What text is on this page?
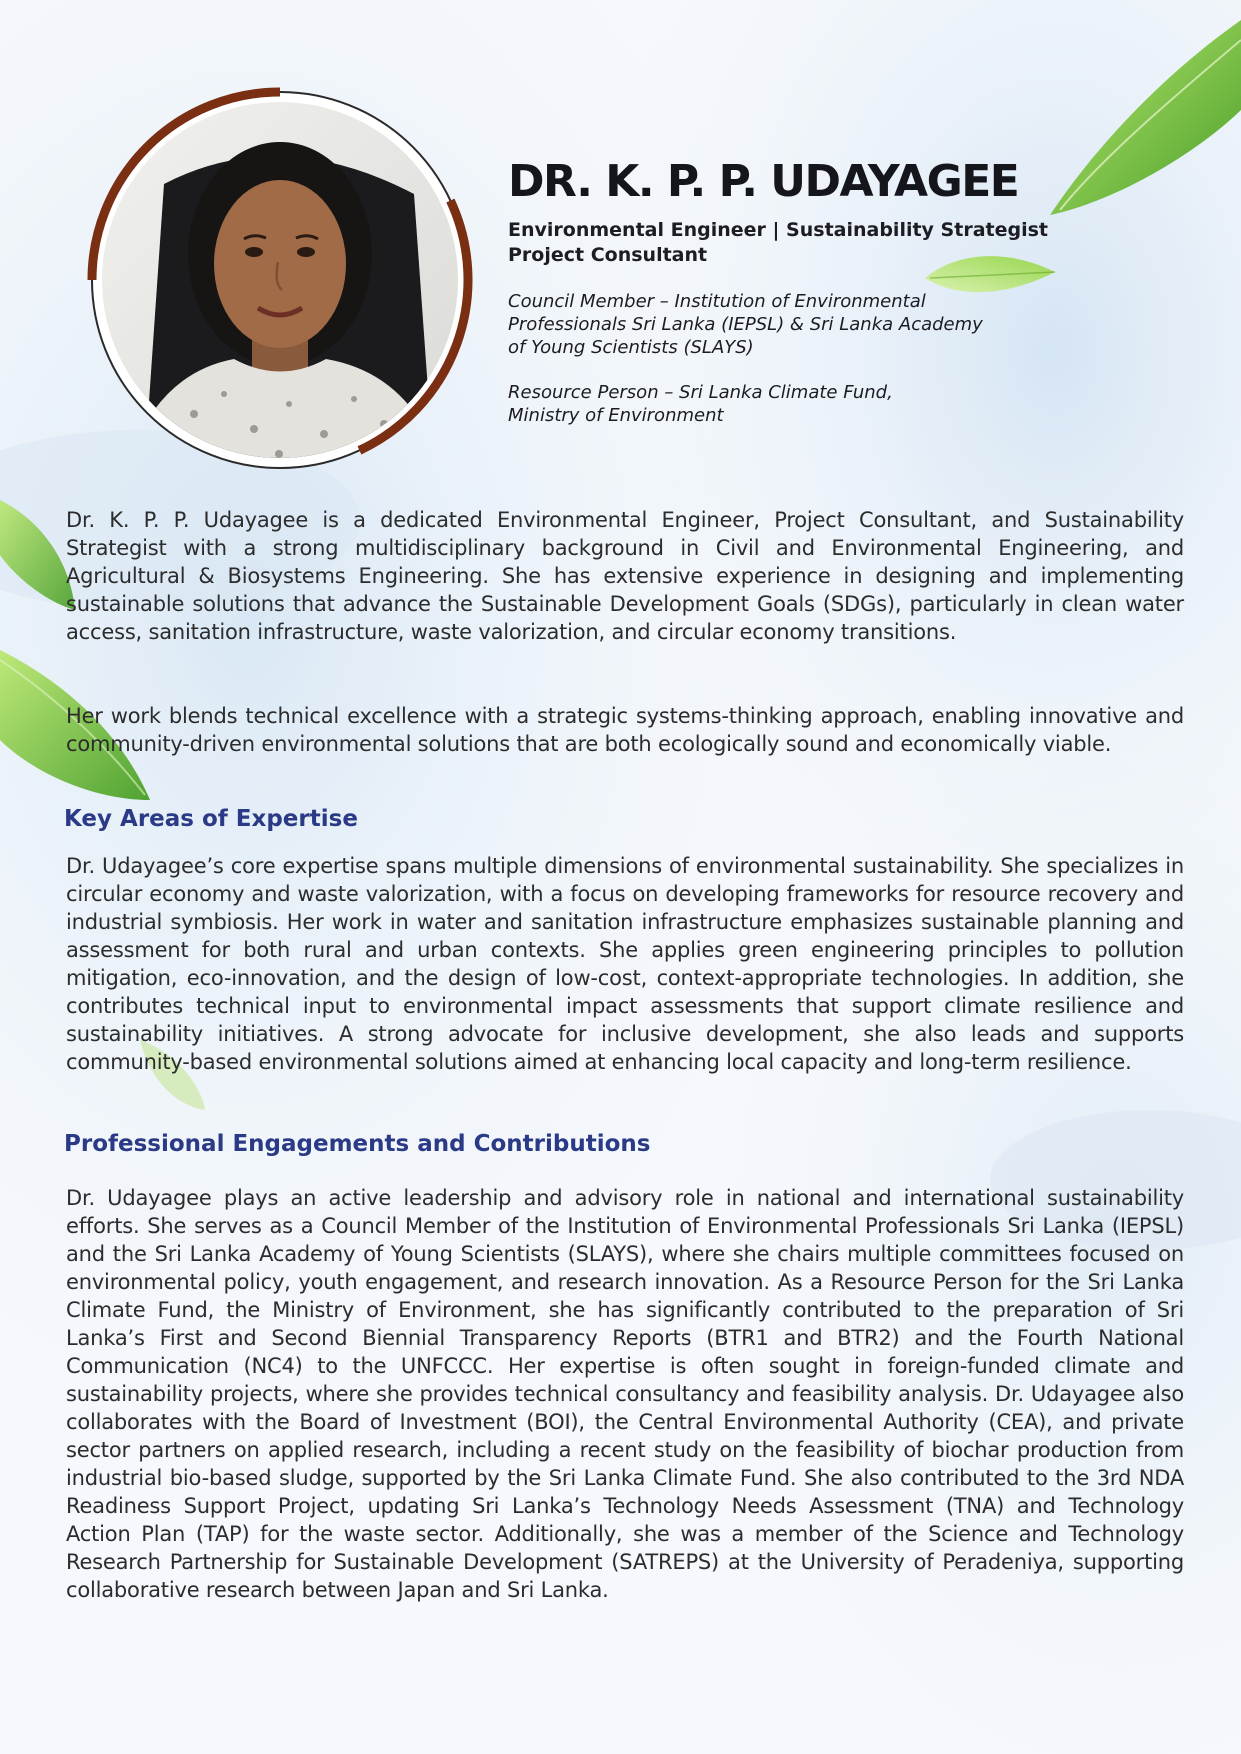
DR. K. P. P. UDAYAGEE

Environmental Engineer | Sustainability Strategist

Project Consultant

Council Member – Institution of Environmental

Professionals Sri Lanka (IEPSL) & Sri Lanka Academy

of Young Scientists (SLAYS)

Resource Person – Sri Lanka Climate Fund,

Ministry of Environment

Dr. K. P. P. Udayagee is a dedicated Environmental Engineer, Project Consultant, and Sustainability Strategist with a strong multidisciplinary background in Civil and Environmental Engineering, and Agricultural & Biosystems Engineering. She has extensive experience in designing and implementing sustainable solutions that advance the Sustainable Development Goals (SDGs), particularly in clean water access, sanitation infrastructure, waste valorization, and circular economy transitions.

Her work blends technical excellence with a strategic systems-thinking approach, enabling innovative and community-driven environmental solutions that are both ecologically sound and economically viable.

Key Areas of Expertise

Dr. Udayagee’s core expertise spans multiple dimensions of environmental sustainability. She specializes in circular economy and waste valorization, with a focus on developing frameworks for resource recovery and industrial symbiosis. Her work in water and sanitation infrastructure emphasizes sustainable planning and assessment for both rural and urban contexts. She applies green engineering principles to pollution mitigation, eco-innovation, and the design of low-cost, context-appropriate technologies. In addition, she contributes technical input to environmental impact assessments that support climate resilience and sustainability initiatives. A strong advocate for inclusive development, she also leads and supports community-based environmental solutions aimed at enhancing local capacity and long-term resilience.

Professional Engagements and Contributions

Dr. Udayagee plays an active leadership and advisory role in national and international sustainability efforts. She serves as a Council Member of the Institution of Environmental Professionals Sri Lanka (IEPSL) and the Sri Lanka Academy of Young Scientists (SLAYS), where she chairs multiple committees focused on environmental policy, youth engagement, and research innovation. As a Resource Person for the Sri Lanka Climate Fund, the Ministry of Environment, she has significantly contributed to the preparation of Sri Lanka’s First and Second Biennial Transparency Reports (BTR1 and BTR2) and the Fourth National Communication (NC4) to the UNFCCC. Her expertise is often sought in foreign-funded climate and sustainability projects, where she provides technical consultancy and feasibility analysis. Dr. Udayagee also collaborates with the Board of Investment (BOI), the Central Environmental Authority (CEA), and private sector partners on applied research, including a recent study on the feasibility of biochar production from industrial bio-based sludge, supported by the Sri Lanka Climate Fund. She also contributed to the 3rd NDA Readiness Support Project, updating Sri Lanka’s Technology Needs Assessment (TNA) and Technology Action Plan (TAP) for the waste sector. Additionally, she was a member of the Science and Technology Research Partnership for Sustainable Development (SATREPS) at the University of Peradeniya, supporting collaborative research between Japan and Sri Lanka.
